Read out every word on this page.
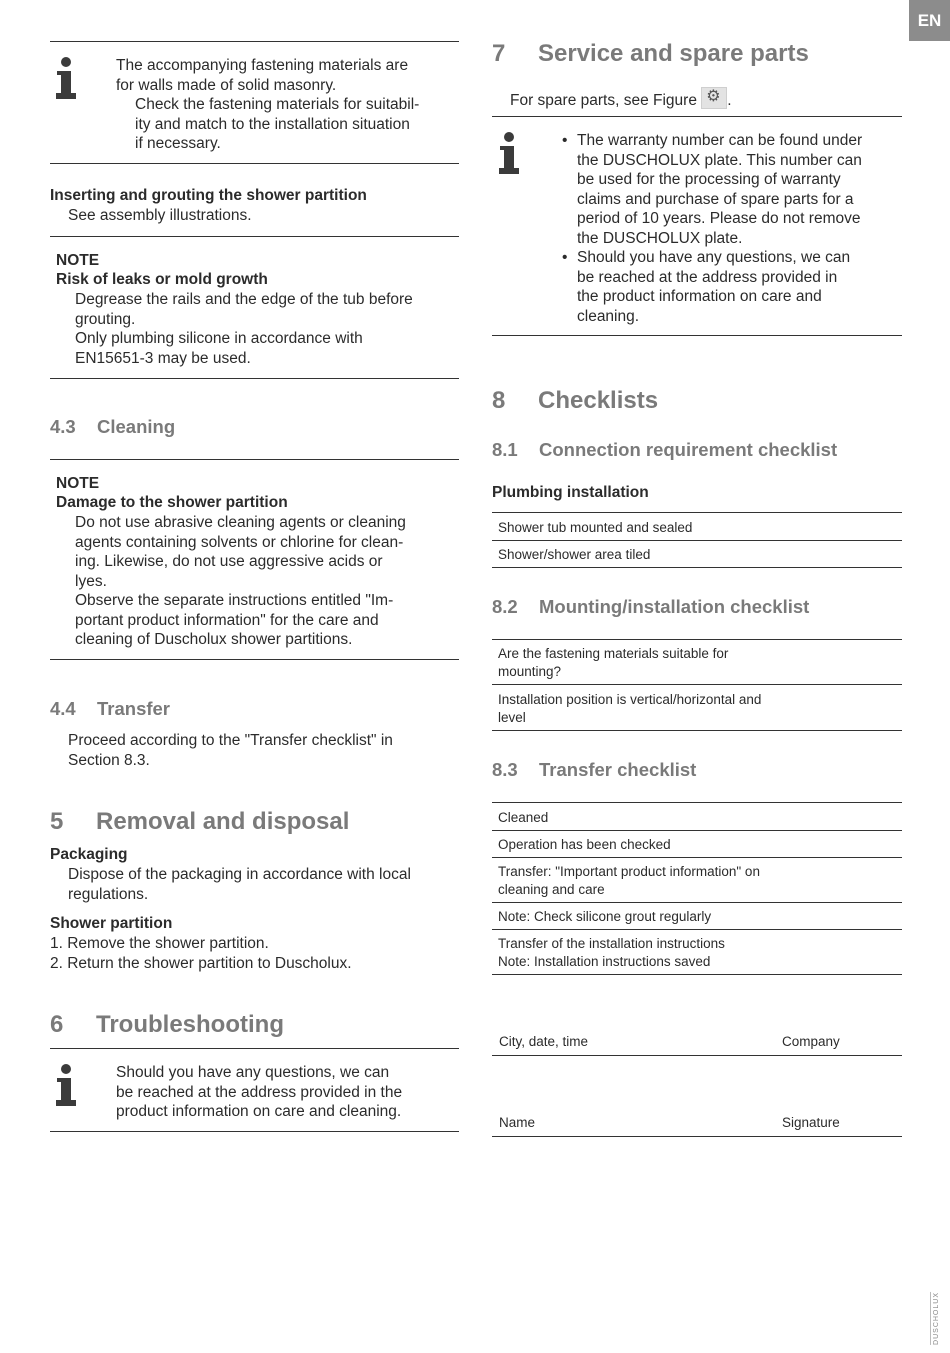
EN
DUSCHOLUX
The accompanying fastening materials are
for walls made of solid masonry.
Check the fastening materials for suitabil-
ity and match to the installation situation
if necessary.
Inserting and grouting the shower partition
See assembly illustrations.
NOTE
Risk of leaks or mold growth
Degrease the rails and the edge of the tub before
grouting.
Only plumbing silicone in accordance with
EN15651-3 may be used.
4.3 Cleaning
NOTE
Damage to the shower partition
Do not use abrasive cleaning agents or cleaning
agents containing solvents or chlorine for clean-
ing. Likewise, do not use aggressive acids or
lyes.
Observe the separate instructions entitled "Im-
portant product information" for the care and
cleaning of Duscholux shower partitions.
4.4 Transfer
Proceed according to the "Transfer checklist" in
Section 8.3.
5 Removal and disposal
Packaging
Dispose of the packaging in accordance with local
regulations.
Shower partition
1. Remove the shower partition.
2. Return the shower partition to Duscholux.
6 Troubleshooting
Should you have any questions, we can
be reached at the address provided in the
product information on care and cleaning.
7 Service and spare parts
For spare parts, see Figure ⚙ .
• The warranty number can be found under
the DUSCHOLUX plate. This number can
be used for the processing of warranty
claims and purchase of spare parts for a
period of 10 years. Please do not remove
the DUSCHOLUX plate.
• Should you have any questions, we can
be reached at the address provided in
the product information on care and
cleaning.
8 Checklists
8.1 Connection requirement checklist
Plumbing installation
Shower tub mounted and sealed
Shower/shower area tiled
8.2 Mounting/installation checklist
Are the fastening materials suitable for
mounting?
Installation position is vertical/horizontal and
level
8.3 Transfer checklist
Cleaned
Operation has been checked
Transfer: "Important product information" on
cleaning and care
Note: Check silicone grout regularly
Transfer of the installation instructions
Note: Installation instructions saved
City, date, time	Company
Name	Signature
